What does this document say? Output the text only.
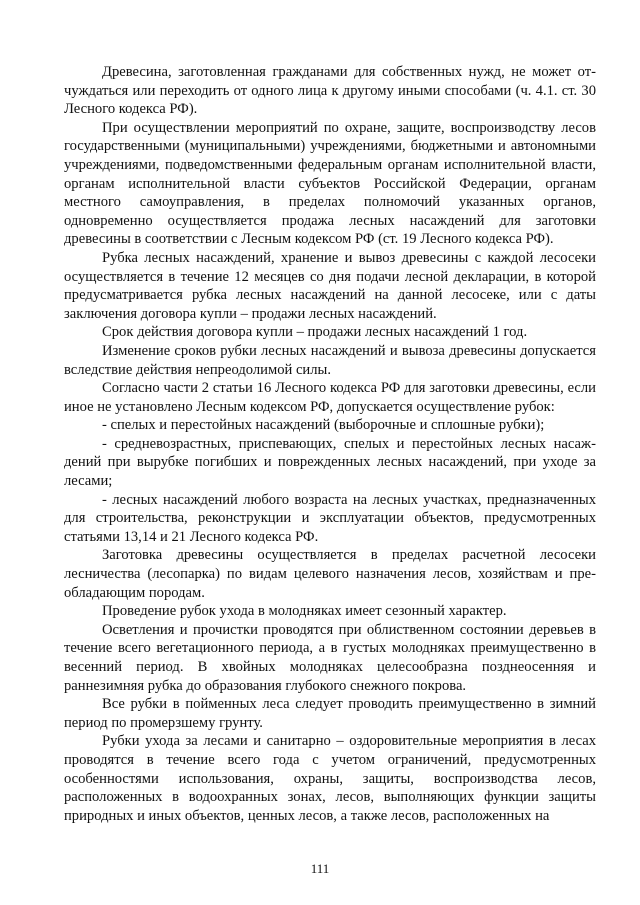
Древесина, заготовленная гражданами для собственных нужд, не может отчуждаться или переходить от одного лица к другому иными способами (ч. 4.1. ст. 30 Лесного кодекса РФ).

При осуществлении мероприятий по охране, защите, воспроизводству лесов государственными (муниципальными) учреждениями, бюджетными и автономными учреждениями, подведомственными федеральным органам исполнительной власти, органам исполнительной власти субъектов Российской Федерации, органам местного самоуправления, в пределах полномочий указанных органов, одновременно осуществляется продажа лесных насаждений для заготовки древесины в соответствии с Лесным кодексом РФ (ст. 19 Лесного кодекса РФ).

Рубка лесных насаждений, хранение и вывоз древесины с каждой лесосеки осуществляется в течение 12 месяцев со дня подачи лесной декларации, в которой предусматривается рубка лесных насаждений на данной лесосеке, или с даты заключения договора купли – продажи лесных насаждений.

Срок действия договора купли – продажи лесных насаждений 1 год.

Изменение сроков рубки лесных насаждений и вывоза древесины допускается вследствие действия непреодолимой силы.

Согласно части 2 статьи 16 Лесного кодекса РФ для заготовки древесины, если иное не установлено Лесным кодексом РФ, допускается осуществление рубок:

- спелых и перестойных насаждений (выборочные и сплошные рубки);

- средневозрастных, приспевающих, спелых и перестойных лесных насаждений при вырубке погибших и поврежденных лесных насаждений, при уходе за лесами;

- лесных насаждений любого возраста на лесных участках, предназначенных для строительства, реконструкции и эксплуатации объектов, предусмотренных статьями 13,14 и 21 Лесного кодекса РФ.

Заготовка древесины осуществляется в пределах расчетной лесосеки лесничества (лесопарка) по видам целевого назначения лесов, хозяйствам и преобладающим породам.

Проведение рубок ухода в молодняках имеет сезонный характер.

Осветления и прочистки проводятся при облиственном состоянии деревьев в течение всего вегетационного периода, а в густых молодняках преимущественно в весенний период. В хвойных молодняках целесообразна позднеосенняя и раннезимняя рубка до образования глубокого снежного покрова.

Все рубки в пойменных леса следует проводить преимущественно в зимний период по промерзшему грунту.

Рубки ухода за лесами и санитарно – оздоровительные мероприятия в лесах проводятся в течение всего года с учетом ограничений, предусмотренных особенностями использования, охраны, защиты, воспроизводства лесов, расположенных в водоохранных зонах, лесов, выполняющих функции защиты природных и иных объектов, ценных лесов, а также лесов, расположенных на

111
